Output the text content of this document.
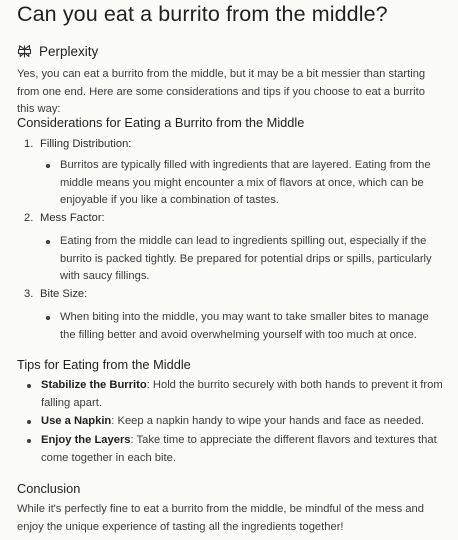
Can you eat a burrito from the middle?
Perplexity

Yes, you can eat a burrito from the middle, but it may be a bit messier than starting from one end. Here are some considerations and tips if you choose to eat a burrito this way:

Considerations for Eating a Burrito from the Middle
1. Filling Distribution:
Burritos are typically filled with ingredients that are layered. Eating from the middle means you might encounter a mix of flavors at once, which can be enjoyable if you like a combination of tastes.
2. Mess Factor:
Eating from the middle can lead to ingredients spilling out, especially if the burrito is packed tightly. Be prepared for potential drips or spills, particularly with saucy fillings.
3. Bite Size:
When biting into the middle, you may want to take smaller bites to manage the filling better and avoid overwhelming yourself with too much at once.
Tips for Eating from the Middle
Stabilize the Burrito: Hold the burrito securely with both hands to prevent it from falling apart.
Use a Napkin: Keep a napkin handy to wipe your hands and face as needed.
Enjoy the Layers: Take time to appreciate the different flavors and textures that come together in each bite.
Conclusion

While it's perfectly fine to eat a burrito from the middle, be mindful of the mess and enjoy the unique experience of tasting all the ingredients together!
